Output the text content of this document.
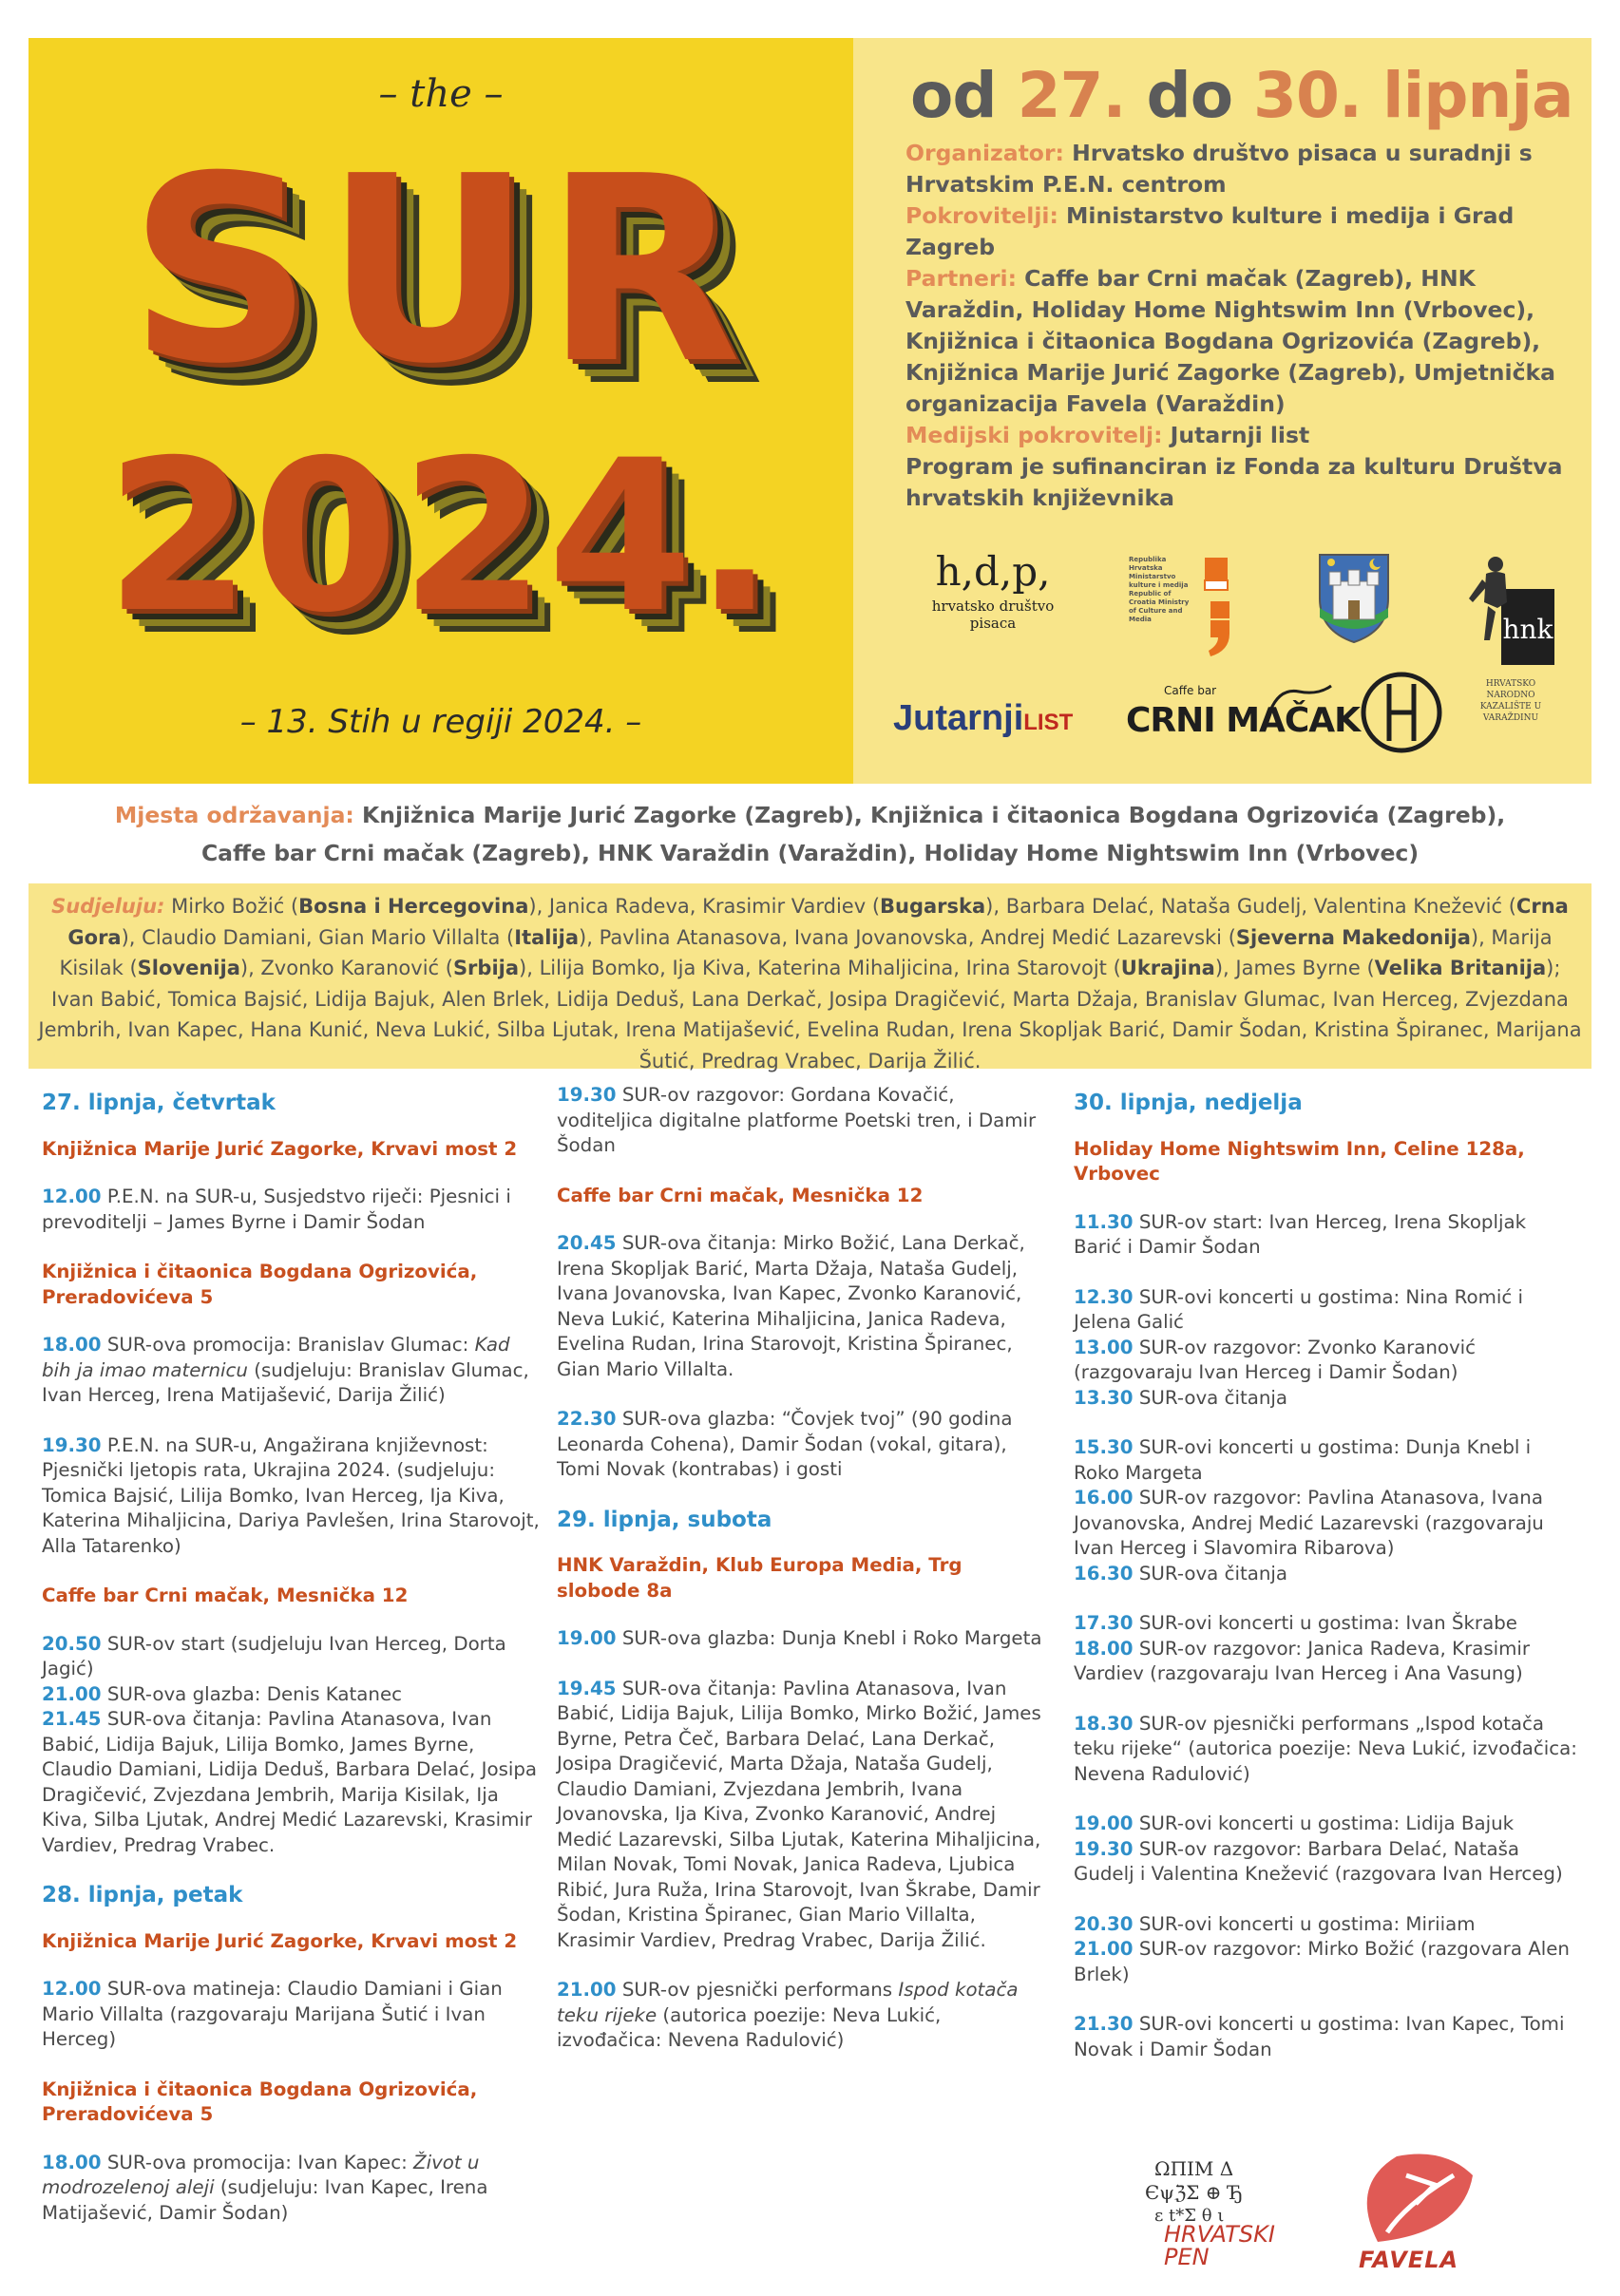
– the –
SUR
2024.
– 13. Stih u regiji 2024. –
od 27. do 30. lipnja
Organizator: Hrvatsko društvo pisaca u suradnji s Hrvatskim P.E.N. centrom
Pokrovitelji: Ministarstvo kulture i medija i Grad Zagreb
Partneri: Caffe bar Crni mačak (Zagreb), HNK Varaždin, Holiday Home Nightswim Inn (Vrbovec), Knjižnica i čitaonica Bogdana Ogrizovića (Zagreb), Knjižnica Marije Jurić Zagorke (Zagreb), Umjetnička organizacija Favela (Varaždin)
Medijski pokrovitelj: Jutarnji list
Program je sufinanciran iz Fonda za kulturu Društva hrvatskih književnika
h,d,p,
hrvatsko društvo pisaca
Republika Hrvatska Ministarstvo kulture i medija Republic of Croatia Ministry of Culture and Media	hnk
HRVATSKO NARODNO KAZALIŠTE U VARAŽDINU
JutarnjiLIST
Caffe bar
CRNI MAČAK
Mjesta održavanja: Knjižnica Marije Jurić Zagorke (Zagreb), Knjižnica i čitaonica Bogdana Ogrizovića (Zagreb),
Caffe bar Crni mačak (Zagreb), HNK Varaždin (Varaždin), Holiday Home Nightswim Inn (Vrbovec)
Sudjeluju: Mirko Božić (Bosna i Hercegovina), Janica Radeva, Krasimir Vardiev (Bugarska), Barbara Delać, Nataša Gudelj, Valentina Knežević (Crna Gora), Claudio Damiani, Gian Mario Villalta (Italija), Pavlina Atanasova, Ivana Jovanovska, Andrej Medić Lazarevski (Sjeverna Makedonija), Marija Kisilak (Slovenija), Zvonko Karanović (Srbija), Lilija Bomko, Ija Kiva, Katerina Mihaljicina, Irina Starovojt (Ukrajina), James Byrne (Velika Britanija); Ivan Babić, Tomica Bajsić, Lidija Bajuk, Alen Brlek, Lidija Deduš, Lana Derkač, Josipa Dragičević, Marta Džaja, Branislav Glumac, Ivan Herceg, Zvjezdana Jembrih, Ivan Kapec, Hana Kunić, Neva Lukić, Silba Ljutak, Irena Matijašević, Evelina Rudan, Irena Skopljak Barić, Damir Šodan, Kristina Špiranec, Marijana Šutić, Predrag Vrabec, Darija Žilić.
27. lipnja, četvrtak
Knjižnica Marije Jurić Zagorke, Krvavi most 2
12.00 P.E.N. na SUR-u, Susjedstvo riječi: Pjesnici i prevoditelji – James Byrne i Damir Šodan
Knjižnica i čitaonica Bogdana Ogrizovića, Preradovićeva 5
18.00 SUR-ova promocija: Branislav Glumac: Kad bih ja imao maternicu (sudjeluju: Branislav Glumac, Ivan Herceg, Irena Matijašević, Darija Žilić)
19.30 P.E.N. na SUR-u, Angažirana književnost: Pjesnički ljetopis rata, Ukrajina 2024. (sudjeluju: Tomica Bajsić, Lilija Bomko, Ivan Herceg, Ija Kiva, Katerina Mihaljicina, Dariya Pavlešen, Irina Starovojt, Alla Tatarenko)
Caffe bar Crni mačak, Mesnička 12
20.50 SUR-ov start (sudjeluju Ivan Herceg, Dorta Jagić)
21.00 SUR-ova glazba: Denis Katanec
21.45 SUR-ova čitanja: Pavlina Atanasova, Ivan Babić, Lidija Bajuk, Lilija Bomko, James Byrne, Claudio Damiani, Lidija Deduš, Barbara Delać, Josipa Dragičević, Zvjezdana Jembrih, Marija Kisilak, Ija Kiva, Silba Ljutak, Andrej Medić Lazarevski, Krasimir Vardiev, Predrag Vrabec.
28. lipnja, petak
Knjižnica Marije Jurić Zagorke, Krvavi most 2
12.00 SUR-ova matineja: Claudio Damiani i Gian Mario Villalta (razgovaraju Marijana Šutić i Ivan Herceg)
Knjižnica i čitaonica Bogdana Ogrizovića, Preradovićeva 5
18.00 SUR-ova promocija: Ivan Kapec: Život u modrozelenoj aleji (sudjeluju: Ivan Kapec, Irena Matijašević, Damir Šodan)
19.30 SUR-ov razgovor: Gordana Kovačić, voditeljica digitalne platforme Poetski tren, i Damir Šodan
Caffe bar Crni mačak, Mesnička 12
20.45 SUR-ova čitanja: Mirko Božić, Lana Derkač, Irena Skopljak Barić, Marta Džaja, Nataša Gudelj, Ivana Jovanovska, Ivan Kapec, Zvonko Karanović, Neva Lukić, Katerina Mihaljicina, Janica Radeva, Evelina Rudan, Irina Starovojt, Kristina Špiranec, Gian Mario Villalta.
22.30 SUR-ova glazba: “Čovjek tvoj” (90 godina Leonarda Cohena), Damir Šodan (vokal, gitara), Tomi Novak (kontrabas) i gosti
29. lipnja, subota
HNK Varaždin, Klub Europa Media, Trg slobode 8a
19.00 SUR-ova glazba: Dunja Knebl i Roko Margeta
19.45 SUR-ova čitanja: Pavlina Atanasova, Ivan Babić, Lidija Bajuk, Lilija Bomko, Mirko Božić, James Byrne, Petra Čeč, Barbara Delać, Lana Derkač, Josipa Dragičević, Marta Džaja, Nataša Gudelj, Claudio Damiani, Zvjezdana Jembrih, Ivana Jovanovska, Ija Kiva, Zvonko Karanović, Andrej Medić Lazarevski, Silba Ljutak, Katerina Mihaljicina, Milan Novak, Tomi Novak, Janica Radeva, Ljubica Ribić, Jura Ruža, Irina Starovojt, Ivan Škrabe, Damir Šodan, Kristina Špiranec, Gian Mario Villalta, Krasimir Vardiev, Predrag Vrabec, Darija Žilić.
21.00 SUR-ov pjesnički performans Ispod kotača teku rijeke (autorica poezije: Neva Lukić, izvođačica: Nevena Radulović)
30. lipnja, nedjelja
Holiday Home Nightswim Inn, Celine 128a, Vrbovec
11.30 SUR-ov start: Ivan Herceg, Irena Skopljak Barić i Damir Šodan
12.30 SUR-ovi koncerti u gostima: Nina Romić i Jelena Galić
13.00 SUR-ov razgovor: Zvonko Karanović (razgovaraju Ivan Herceg i Damir Šodan)
13.30 SUR-ova čitanja
15.30 SUR-ovi koncerti u gostima: Dunja Knebl i Roko Margeta
16.00 SUR-ov razgovor: Pavlina Atanasova, Ivana Jovanovska, Andrej Medić Lazarevski (razgovaraju Ivan Herceg i Slavomira Ribarova)
16.30 SUR-ova čitanja
17.30 SUR-ovi koncerti u gostima: Ivan Škrabe
18.00 SUR-ov razgovor: Janica Radeva, Krasimir Vardiev (razgovaraju Ivan Herceg i Ana Vasung)
18.30 SUR-ov pjesnički performans „Ispod kotača teku rijeke“ (autorica poezije: Neva Lukić, izvođačica: Nevena Radulović)
19.00 SUR-ovi koncerti u gostima: Lidija Bajuk
19.30 SUR-ov razgovor: Barbara Delać, Nataša Gudelj i Valentina Knežević (razgovara Ivan Herceg)
20.30 SUR-ovi koncerti u gostima: Miriiam
21.00 SUR-ov razgovor: Mirko Božić (razgovara Alen Brlek)
21.30 SUR-ovi koncerti u gostima: Ivan Kapec, Tomi Novak i Damir Šodan
ΩΠΙΜ Δ
ЄψℨΣ ⊕ Ђ
ε t*Σ θ ι
HRVATSKI PEN	FAVELA
